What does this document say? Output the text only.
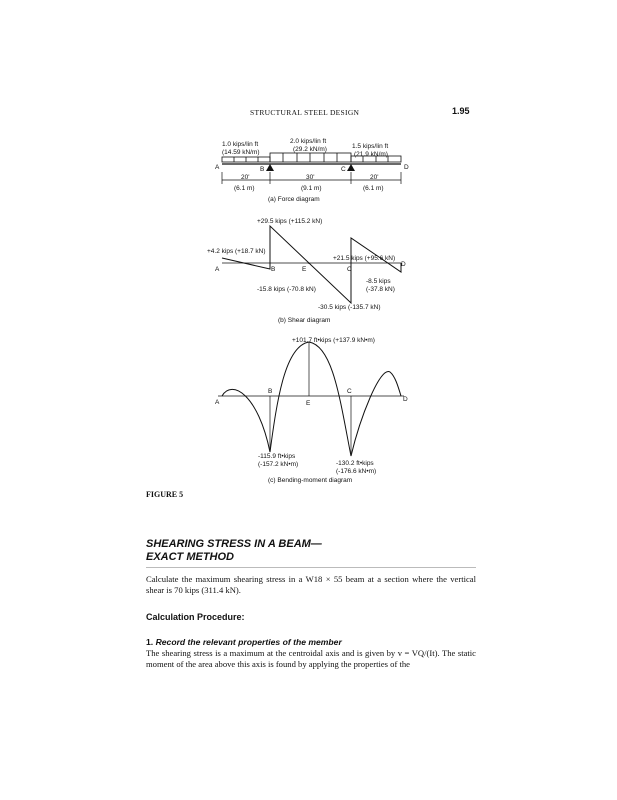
STRUCTURAL STEEL DESIGN	1.95
1.0 kips/lin ft
(14.59 kN/m)
2.0 kips/lin ft
(29.2 kN/m)	1.5 kips/lin ft
(21.9 kN/m)
A	B	C	D
20'
(6.1 m)
30'
(9.1 m)
20'
(6.1 m)
(a) Force diagram
+29.5 kips (+115.2 kN)
+21.5 kips (+95.6 kN)
+4.2 kips (+18.7 kN)
A	B	E	C
D
-8.5 kips
(-37.8 kN)
-15.8 kips (-70.8 kN)
-30.5 kips (-135.7 kN)
(b) Shear diagram
+101.7 ft•kips (+137.9 kN•m)
A
B
E
C
D
-115.9 ft•kips
(-157.2 kN•m)	-130.2 ft•kips
(-176.6 kN•m)
(c) Bending-moment diagram
FIGURE 5
SHEARING STRESS IN A BEAM—
EXACT METHOD
Calculate the maximum shearing stress in a W18 × 55 beam at a section where the vertical shear is 70 kips (311.4 kN).
Calculation Procedure:
1. Record the relevant properties of the member
The shearing stress is a maximum at the centroidal axis and is given by v = VQ/(It). The static moment of the area above this axis is found by applying the properties of the
